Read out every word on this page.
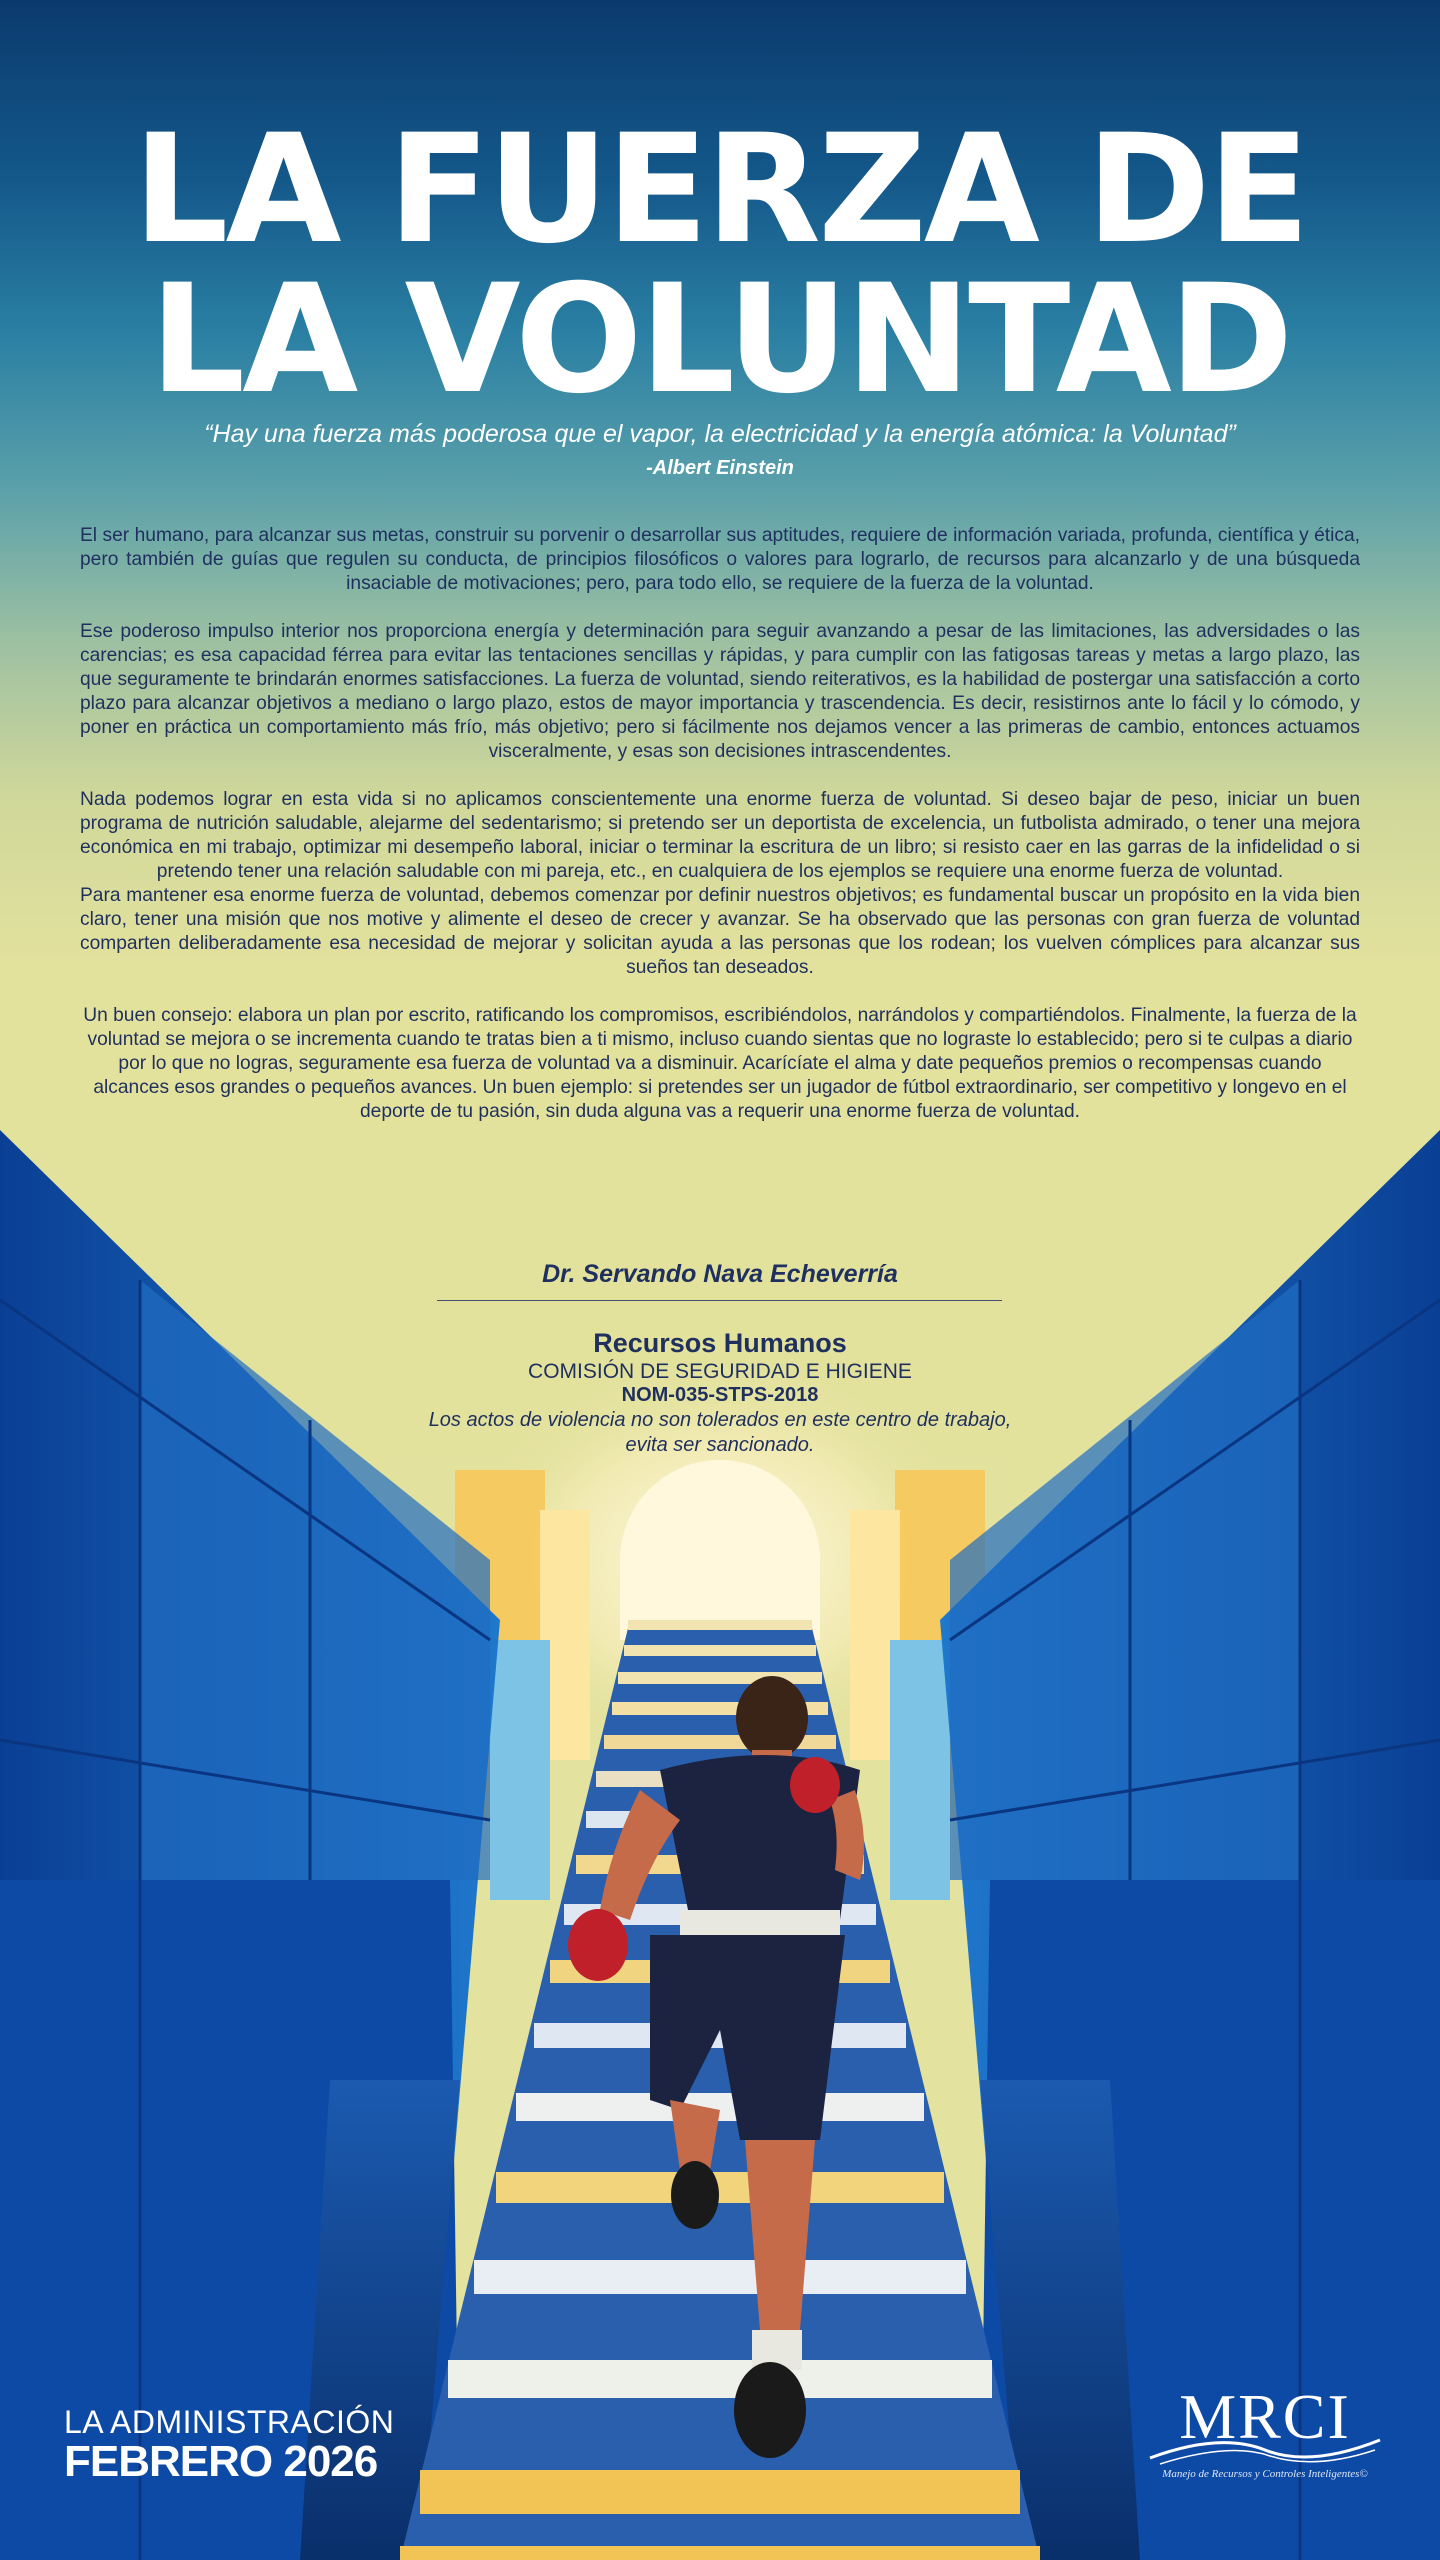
LA FUERZA DE
LA VOLUNTAD
“Hay una fuerza más poderosa que el vapor, la electricidad y la energía atómica: la Voluntad”
-Albert Einstein

El ser humano, para alcanzar sus metas, construir su porvenir o desarrollar sus aptitudes, requiere de información variada, profunda, científica y ética, pero también de guías que regulen su conducta, de principios filosóficos o valores para lograrlo, de recursos para alcanzarlo y de una búsqueda insaciable de motivaciones; pero, para todo ello, se requiere de la fuerza de la voluntad.

Ese poderoso impulso interior nos proporciona energía y determinación para seguir avanzando a pesar de las limitaciones, las adversidades o las carencias; es esa capacidad férrea para evitar las tentaciones sencillas y rápidas, y para cumplir con las fatigosas tareas y metas a largo plazo, las que seguramente te brindarán enormes satisfacciones. La fuerza de voluntad, siendo reiterativos, es la habilidad de postergar una satisfacción a corto plazo para alcanzar objetivos a mediano o largo plazo, estos de mayor importancia y trascendencia. Es decir, resistirnos ante lo fácil y lo cómodo, y poner en práctica un comportamiento más frío, más objetivo; pero si fácilmente nos dejamos vencer a las primeras de cambio, entonces actuamos visceralmente, y esas son decisiones intrascendentes.

Nada podemos lograr en esta vida si no aplicamos conscientemente una enorme fuerza de voluntad. Si deseo bajar de peso, iniciar un buen programa de nutrición saludable, alejarme del sedentarismo; si pretendo ser un deportista de excelencia, un futbolista admirado, o tener una mejora económica en mi trabajo, optimizar mi desempeño laboral, iniciar o terminar la escritura de un libro; si resisto caer en las garras de la infidelidad o si pretendo tener una relación saludable con mi pareja, etc., en cualquiera de los ejemplos se requiere una enorme fuerza de voluntad.

Para mantener esa enorme fuerza de voluntad, debemos comenzar por definir nuestros objetivos; es fundamental buscar un propósito en la vida bien claro, tener una misión que nos motive y alimente el deseo de crecer y avanzar. Se ha observado que las personas con gran fuerza de voluntad comparten deliberadamente esa necesidad de mejorar y solicitan ayuda a las personas que los rodean; los vuelven cómplices para alcanzar sus sueños tan deseados.

Un buen consejo: elabora un plan por escrito, ratificando los compromisos, escribiéndolos, narrándolos y compartiéndolos. Finalmente, la fuerza de la voluntad se mejora o se incrementa cuando te tratas bien a ti mismo, incluso cuando sientas que no lograste lo establecido; pero si te culpas a diario por lo que no logras, seguramente esa fuerza de voluntad va a disminuir. Acarícíate el alma y date pequeños premios o recompensas cuando alcances esos grandes o pequeños avances. Un buen ejemplo: si pretendes ser un jugador de fútbol extraordinario, ser competitivo y longevo en el deporte de tu pasión, sin duda alguna vas a requerir una enorme fuerza de voluntad.

Dr. Servando Nava Echeverría
Recursos Humanos
COMISIÓN DE SEGURIDAD E HIGIENE
NOM-035-STPS-2018
Los actos de violencia no son tolerados en este centro de trabajo, evita ser sancionado.
LA ADMINISTRACIÓN
FEBRERO 2026
MRCI
Manejo de Recursos y Controles Inteligentes©
